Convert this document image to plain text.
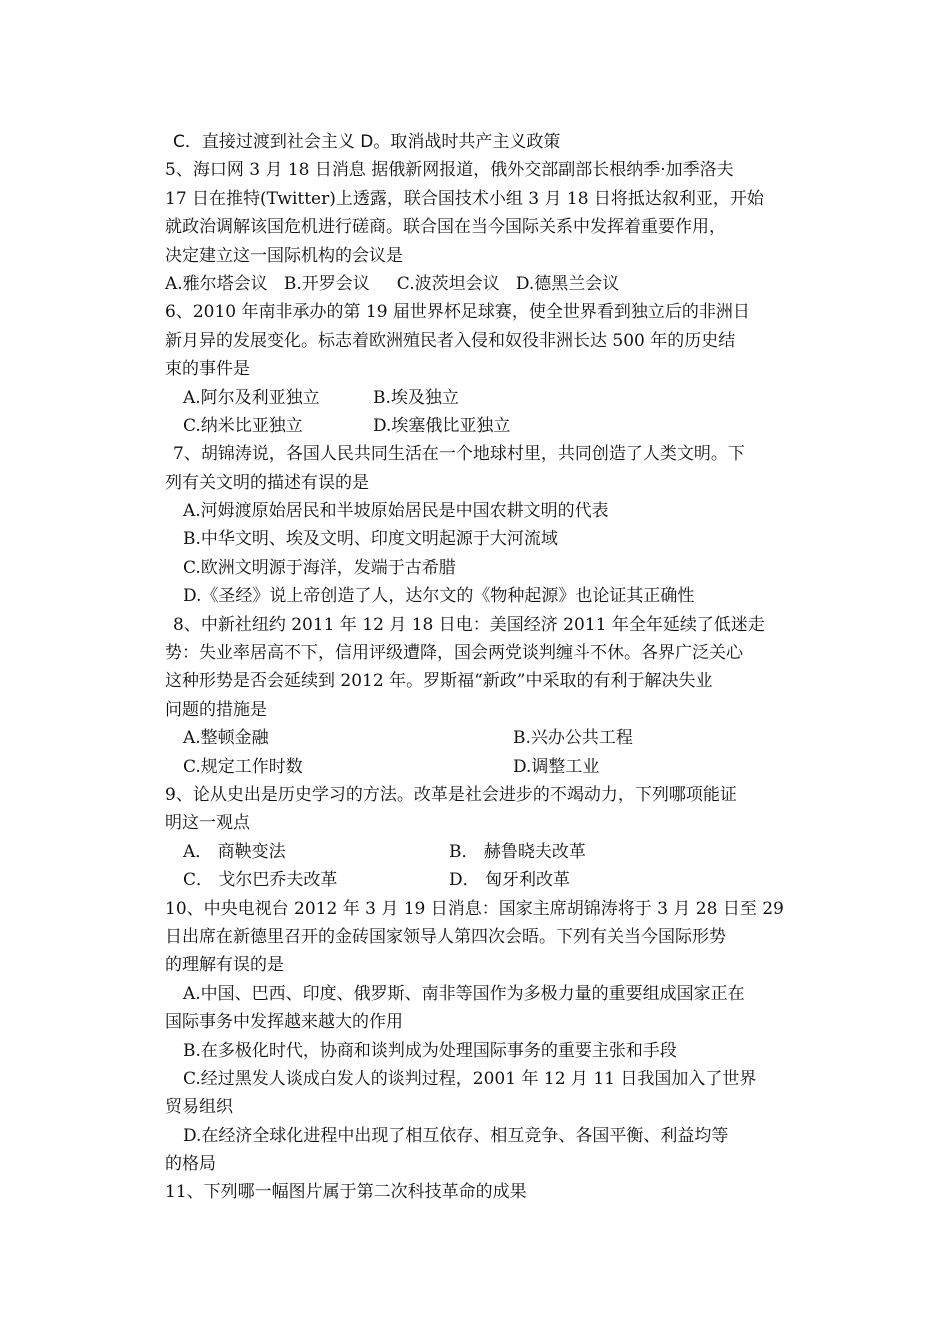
C．直接过渡到社会主义 D。取消战时共产主义政策
5、海口网 3 月 18 日消息 据俄新网报道，俄外交部副部长根纳季·加季洛夫
17 日在推特(Twitter)上透露，联合国技术小组 3 月 18 日将抵达叙利亚，开始
就政治调解该国危机进行磋商。联合国在当今国际关系中发挥着重要作用，
决定建立这一国际机构的会议是
A.雅尔塔会议   B.开罗会议     C.波茨坦会议   D.德黑兰会议
6、2010 年南非承办的第 19 届世界杯足球赛，使全世界看到独立后的非洲日
新月异的发展变化。标志着欧洲殖民者入侵和奴役非洲长达 500 年的历史结
束的事件是
A.阿尔及利亚独立	B.埃及独立
C.纳米比亚独立	D.埃塞俄比亚独立
7、胡锦涛说，各国人民共同生活在一个地球村里，共同创造了人类文明。下
列有关文明的描述有误的是
A.河姆渡原始居民和半坡原始居民是中国农耕文明的代表
B.中华文明、埃及文明、印度文明起源于大河流域
C.欧洲文明源于海洋，发端于古希腊
D.《圣经》说上帝创造了人，达尔文的《物种起源》也论证其正确性
8、中新社纽约 2011 年 12 月 18 日电：美国经济 2011 年全年延续了低迷走
势：失业率居高不下，信用评级遭降，国会两党谈判缠斗不休。各界广泛关心
这种形势是否会延续到 2012 年。罗斯福“新政”中采取的有利于解决失业
问题的措施是
A.整顿金融	B.兴办公共工程
C.规定工作时数	D.调整工业
9、论从史出是历史学习的方法。改革是社会进步的不竭动力，下列哪项能证
明这一观点
A． 商鞅变法	B． 赫鲁晓夫改革
C． 戈尔巴乔夫改革	D． 匈牙利改革
10、中央电视台 2012 年 3 月 19 日消息：国家主席胡锦涛将于 3 月 28 日至 29
日出席在新德里召开的金砖国家领导人第四次会晤。下列有关当今国际形势
的理解有误的是
A.中国、巴西、印度、俄罗斯、南非等国作为多极力量的重要组成国家正在
国际事务中发挥越来越大的作用
B.在多极化时代，协商和谈判成为处理国际事务的重要主张和手段
C.经过黑发人谈成白发人的谈判过程，2001 年 12 月 11 日我国加入了世界
贸易组织
D.在经济全球化进程中出现了相互依存、相互竞争、各国平衡、利益均等
的格局
11、下列哪一幅图片属于第二次科技革命的成果
